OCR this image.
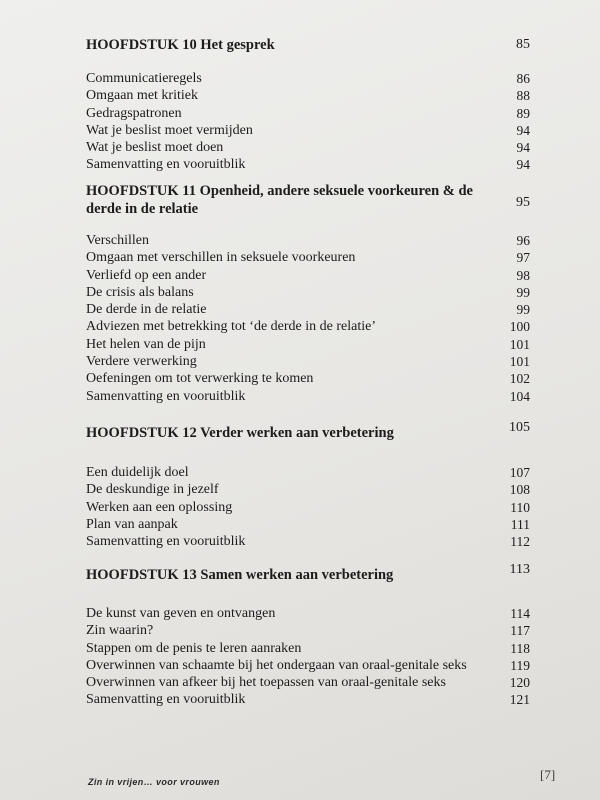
HOOFDSTUK 10 Het gesprek	85
Communicatieregels	86
Omgaan met kritiek	88
Gedragspatronen	89
Wat je beslist moet vermijden	94
Wat je beslist moet doen	94
Samenvatting en vooruitblik	94
HOOFDSTUK 11 Openheid, andere seksuele voorkeuren & de derde in de relatie	95
Verschillen	96
Omgaan met verschillen in seksuele voorkeuren	97
Verliefd op een ander	98
De crisis als balans	99
De derde in de relatie	99
Adviezen met betrekking tot ‘de derde in de relatie’	100
Het helen van de pijn	101
Verdere verwerking	101
Oefeningen om tot verwerking te komen	102
Samenvatting en vooruitblik	104
HOOFDSTUK 12 Verder werken aan verbetering	105
Een duidelijk doel	107
De deskundige in jezelf	108
Werken aan een oplossing	110
Plan van aanpak	111
Samenvatting en vooruitblik	112
HOOFDSTUK 13 Samen werken aan verbetering	113
De kunst van geven en ontvangen	114
Zin waarin?	117
Stappen om de penis te leren aanraken	118
Overwinnen van schaamte bij het ondergaan van oraal-genitale seks	119
Overwinnen van afkeer bij het toepassen van oraal-genitale seks	120
Samenvatting en vooruitblik	121
Zin in vrijen… voor vrouwen	[7]
